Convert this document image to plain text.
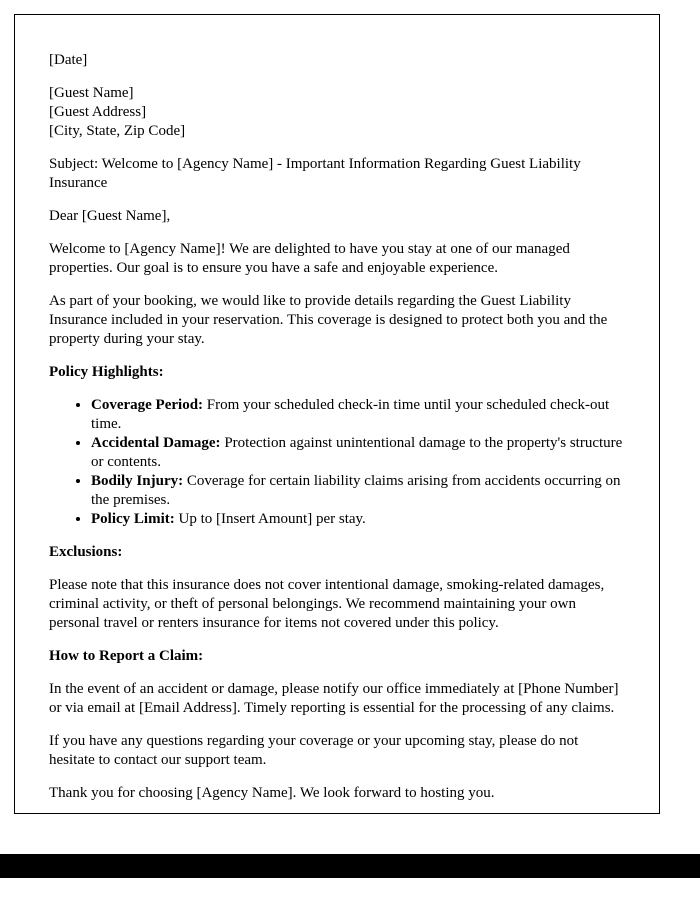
[Date]

[Guest Name]
[Guest Address]
[City, State, Zip Code]

Subject: Welcome to [Agency Name] - Important Information Regarding Guest Liability Insurance

Dear [Guest Name],

Welcome to [Agency Name]! We are delighted to have you stay at one of our managed properties. Our goal is to ensure you have a safe and enjoyable experience.

As part of your booking, we would like to provide details regarding the Guest Liability Insurance included in your reservation. This coverage is designed to protect both you and the property during your stay.

Policy Highlights:

• Coverage Period: From your scheduled check-in time until your scheduled check-out time.
• Accidental Damage: Protection against unintentional damage to the property's structure or contents.
• Bodily Injury: Coverage for certain liability claims arising from accidents occurring on the premises.
• Policy Limit: Up to [Insert Amount] per stay.

Exclusions:

Please note that this insurance does not cover intentional damage, smoking-related damages, criminal activity, or theft of personal belongings. We recommend maintaining your own personal travel or renters insurance for items not covered under this policy.

How to Report a Claim:

In the event of an accident or damage, please notify our office immediately at [Phone Number] or via email at [Email Address]. Timely reporting is essential for the processing of any claims.

If you have any questions regarding your coverage or your upcoming stay, please do not hesitate to contact our support team.

Thank you for choosing [Agency Name]. We look forward to hosting you.
